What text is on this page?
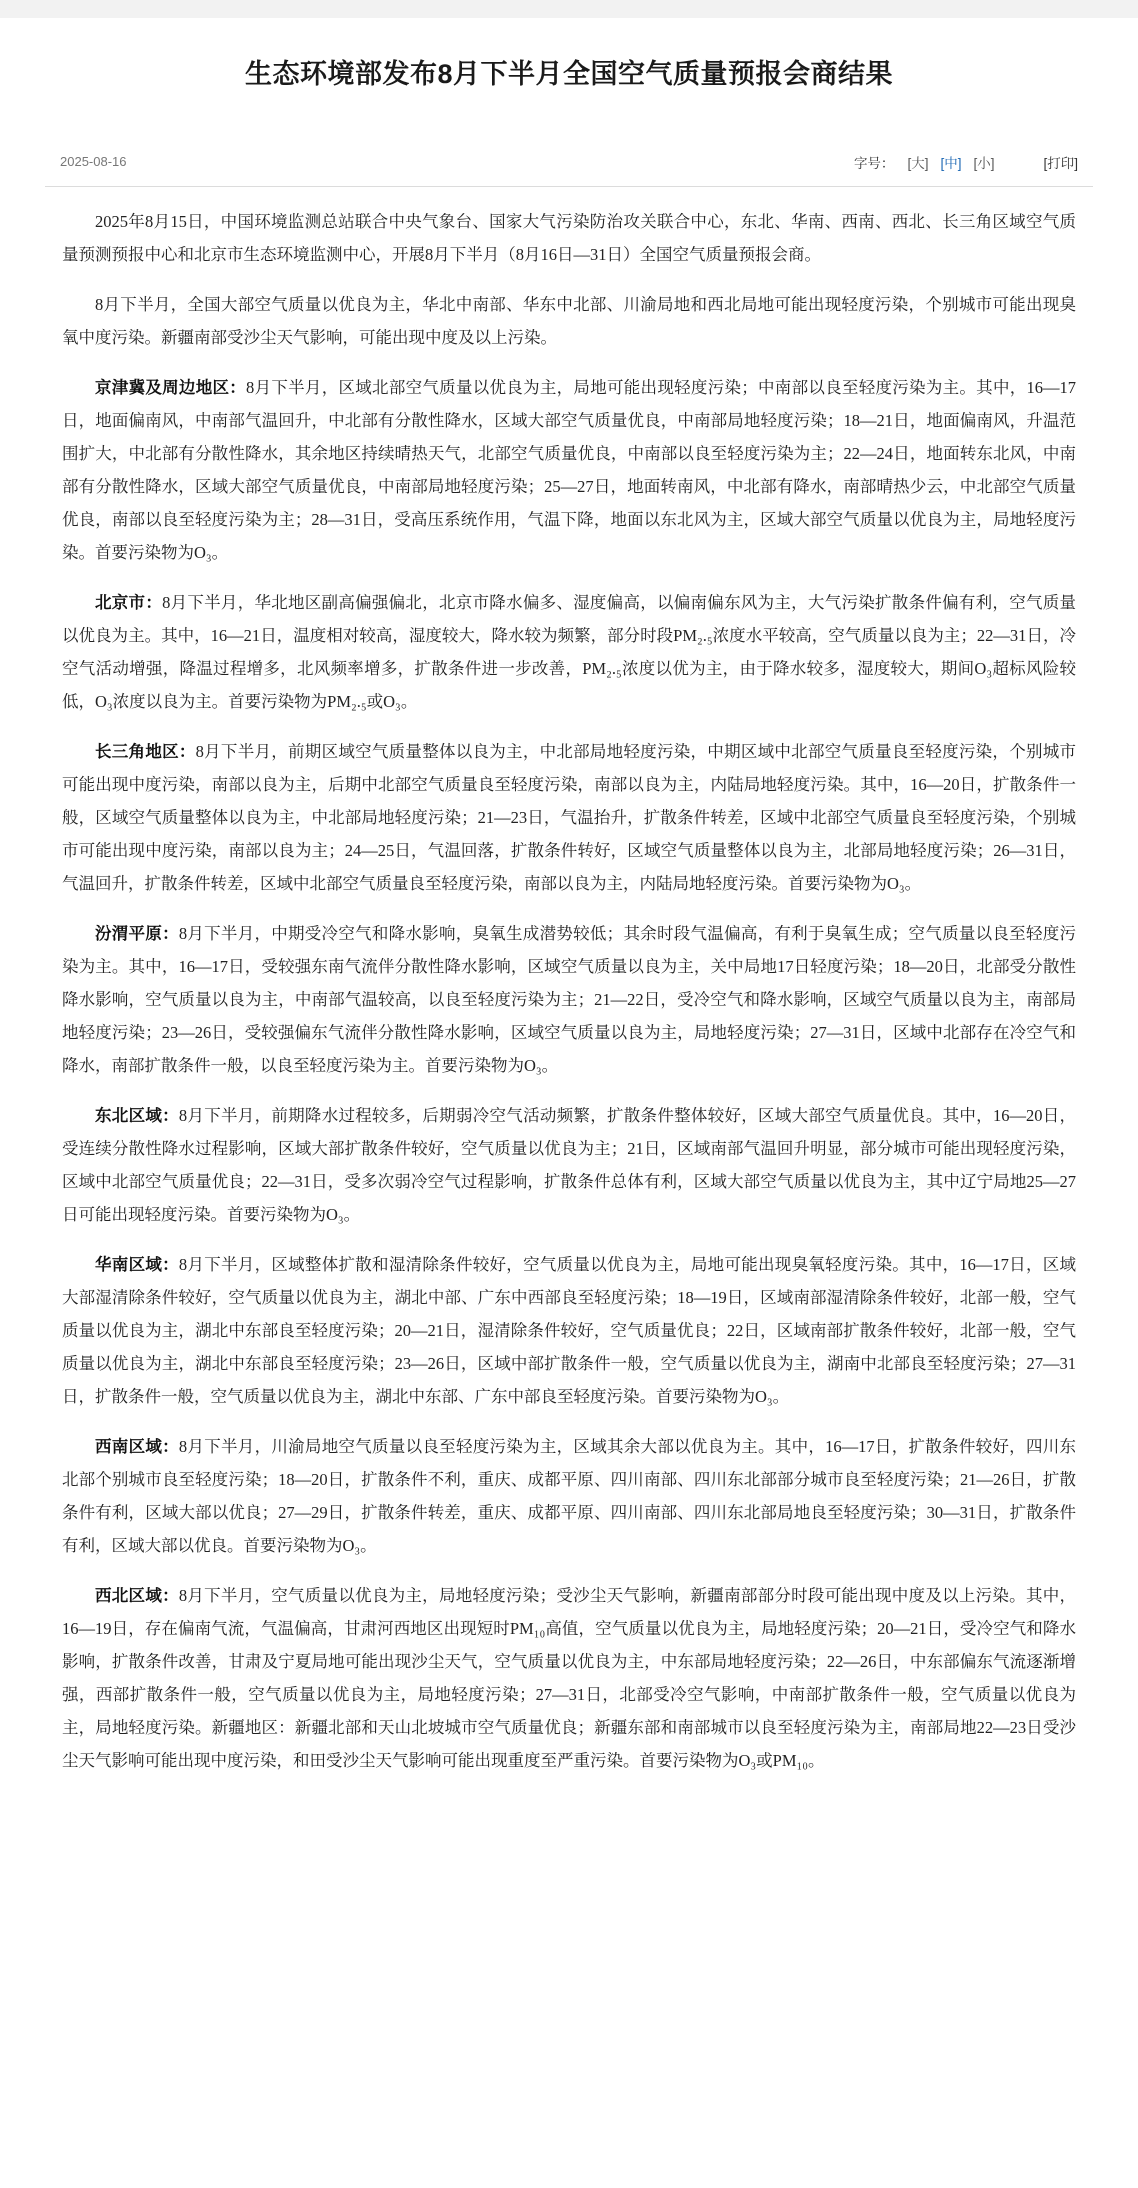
生态环境部发布8月下半月全国空气质量预报会商结果
2025-08-16	字号： [大] [中] [小]	[打印]

2025年8月15日，中国环境监测总站联合中央气象台、国家大气污染防治攻关联合中心，东北、华南、西南、西北、长三角区域空气质量预测预报中心和北京市生态环境监测中心，开展8月下半月（8月16日—31日）全国空气质量预报会商。

8月下半月，全国大部空气质量以优良为主，华北中南部、华东中北部、川渝局地和西北局地可能出现轻度污染，个别城市可能出现臭氧中度污染。新疆南部受沙尘天气影响，可能出现中度及以上污染。

京津冀及周边地区：8月下半月，区域北部空气质量以优良为主，局地可能出现轻度污染；中南部以良至轻度污染为主。其中，16—17日，地面偏南风，中南部气温回升，中北部有分散性降水，区域大部空气质量优良，中南部局地轻度污染；18—21日，地面偏南风，升温范围扩大，中北部有分散性降水，其余地区持续晴热天气，北部空气质量优良，中南部以良至轻度污染为主；22—24日，地面转东北风，中南部有分散性降水，区域大部空气质量优良，中南部局地轻度污染；25—27日，地面转南风，中北部有降水，南部晴热少云，中北部空气质量优良，南部以良至轻度污染为主；28—31日，受高压系统作用，气温下降，地面以东北风为主，区域大部空气质量以优良为主，局地轻度污染。首要污染物为O₃。

北京市：8月下半月，华北地区副高偏强偏北，北京市降水偏多、湿度偏高，以偏南偏东风为主，大气污染扩散条件偏有利，空气质量以优良为主。其中，16—21日，温度相对较高，湿度较大，降水较为频繁，部分时段PM₂.₅浓度水平较高，空气质量以良为主；22—31日，冷空气活动增强，降温过程增多，北风频率增多，扩散条件进一步改善，PM₂.₅浓度以优为主，由于降水较多，湿度较大，期间O₃超标风险较低，O₃浓度以良为主。首要污染物为PM₂.₅或O₃。

长三角地区：8月下半月，前期区域空气质量整体以良为主，中北部局地轻度污染，中期区域中北部空气质量良至轻度污染，个别城市可能出现中度污染，南部以良为主，后期中北部空气质量良至轻度污染，南部以良为主，内陆局地轻度污染。其中，16—20日，扩散条件一般，区域空气质量整体以良为主，中北部局地轻度污染；21—23日，气温抬升，扩散条件转差，区域中北部空气质量良至轻度污染，个别城市可能出现中度污染，南部以良为主；24—25日，气温回落，扩散条件转好，区域空气质量整体以良为主，北部局地轻度污染；26—31日，气温回升，扩散条件转差，区域中北部空气质量良至轻度污染，南部以良为主，内陆局地轻度污染。首要污染物为O₃。

汾渭平原：8月下半月，中期受冷空气和降水影响，臭氧生成潜势较低；其余时段气温偏高，有利于臭氧生成；空气质量以良至轻度污染为主。其中，16—17日，受较强东南气流伴分散性降水影响，区域空气质量以良为主，关中局地17日轻度污染；18—20日，北部受分散性降水影响，空气质量以良为主，中南部气温较高，以良至轻度污染为主；21—22日，受冷空气和降水影响，区域空气质量以良为主，南部局地轻度污染；23—26日，受较强偏东气流伴分散性降水影响，区域空气质量以良为主，局地轻度污染；27—31日，区域中北部存在冷空气和降水，南部扩散条件一般，以良至轻度污染为主。首要污染物为O₃。

东北区域：8月下半月，前期降水过程较多，后期弱冷空气活动频繁，扩散条件整体较好，区域大部空气质量优良。其中，16—20日，受连续分散性降水过程影响，区域大部扩散条件较好，空气质量以优良为主；21日，区域南部气温回升明显，部分城市可能出现轻度污染，区域中北部空气质量优良；22—31日，受多次弱冷空气过程影响，扩散条件总体有利，区域大部空气质量以优良为主，其中辽宁局地25—27日可能出现轻度污染。首要污染物为O₃。

华南区域：8月下半月，区域整体扩散和湿清除条件较好，空气质量以优良为主，局地可能出现臭氧轻度污染。其中，16—17日，区域大部湿清除条件较好，空气质量以优良为主，湖北中部、广东中西部良至轻度污染；18—19日，区域南部湿清除条件较好，北部一般，空气质量以优良为主，湖北中东部良至轻度污染；20—21日，湿清除条件较好，空气质量优良；22日，区域南部扩散条件较好，北部一般，空气质量以优良为主，湖北中东部良至轻度污染；23—26日，区域中部扩散条件一般，空气质量以优良为主，湖南中北部良至轻度污染；27—31日，扩散条件一般，空气质量以优良为主，湖北中东部、广东中部良至轻度污染。首要污染物为O₃。

西南区域：8月下半月，川渝局地空气质量以良至轻度污染为主，区域其余大部以优良为主。其中，16—17日，扩散条件较好，四川东北部个别城市良至轻度污染；18—20日，扩散条件不利，重庆、成都平原、四川南部、四川东北部部分城市良至轻度污染；21—26日，扩散条件有利，区域大部以优良；27—29日，扩散条件转差，重庆、成都平原、四川南部、四川东北部局地良至轻度污染；30—31日，扩散条件有利，区域大部以优良。首要污染物为O₃。

西北区域：8月下半月，空气质量以优良为主，局地轻度污染；受沙尘天气影响，新疆南部部分时段可能出现中度及以上污染。其中，16—19日，存在偏南气流，气温偏高，甘肃河西地区出现短时PM₁₀高值，空气质量以优良为主，局地轻度污染；20—21日，受冷空气和降水影响，扩散条件改善，甘肃及宁夏局地可能出现沙尘天气，空气质量以优良为主，中东部局地轻度污染；22—26日，中东部偏东气流逐渐增强，西部扩散条件一般，空气质量以优良为主，局地轻度污染；27—31日，北部受冷空气影响，中南部扩散条件一般，空气质量以优良为主，局地轻度污染。新疆地区：新疆北部和天山北坡城市空气质量优良；新疆东部和南部城市以良至轻度污染为主，南部局地22—23日受沙尘天气影响可能出现中度污染，和田受沙尘天气影响可能出现重度至严重污染。首要污染物为O₃或PM₁₀。
